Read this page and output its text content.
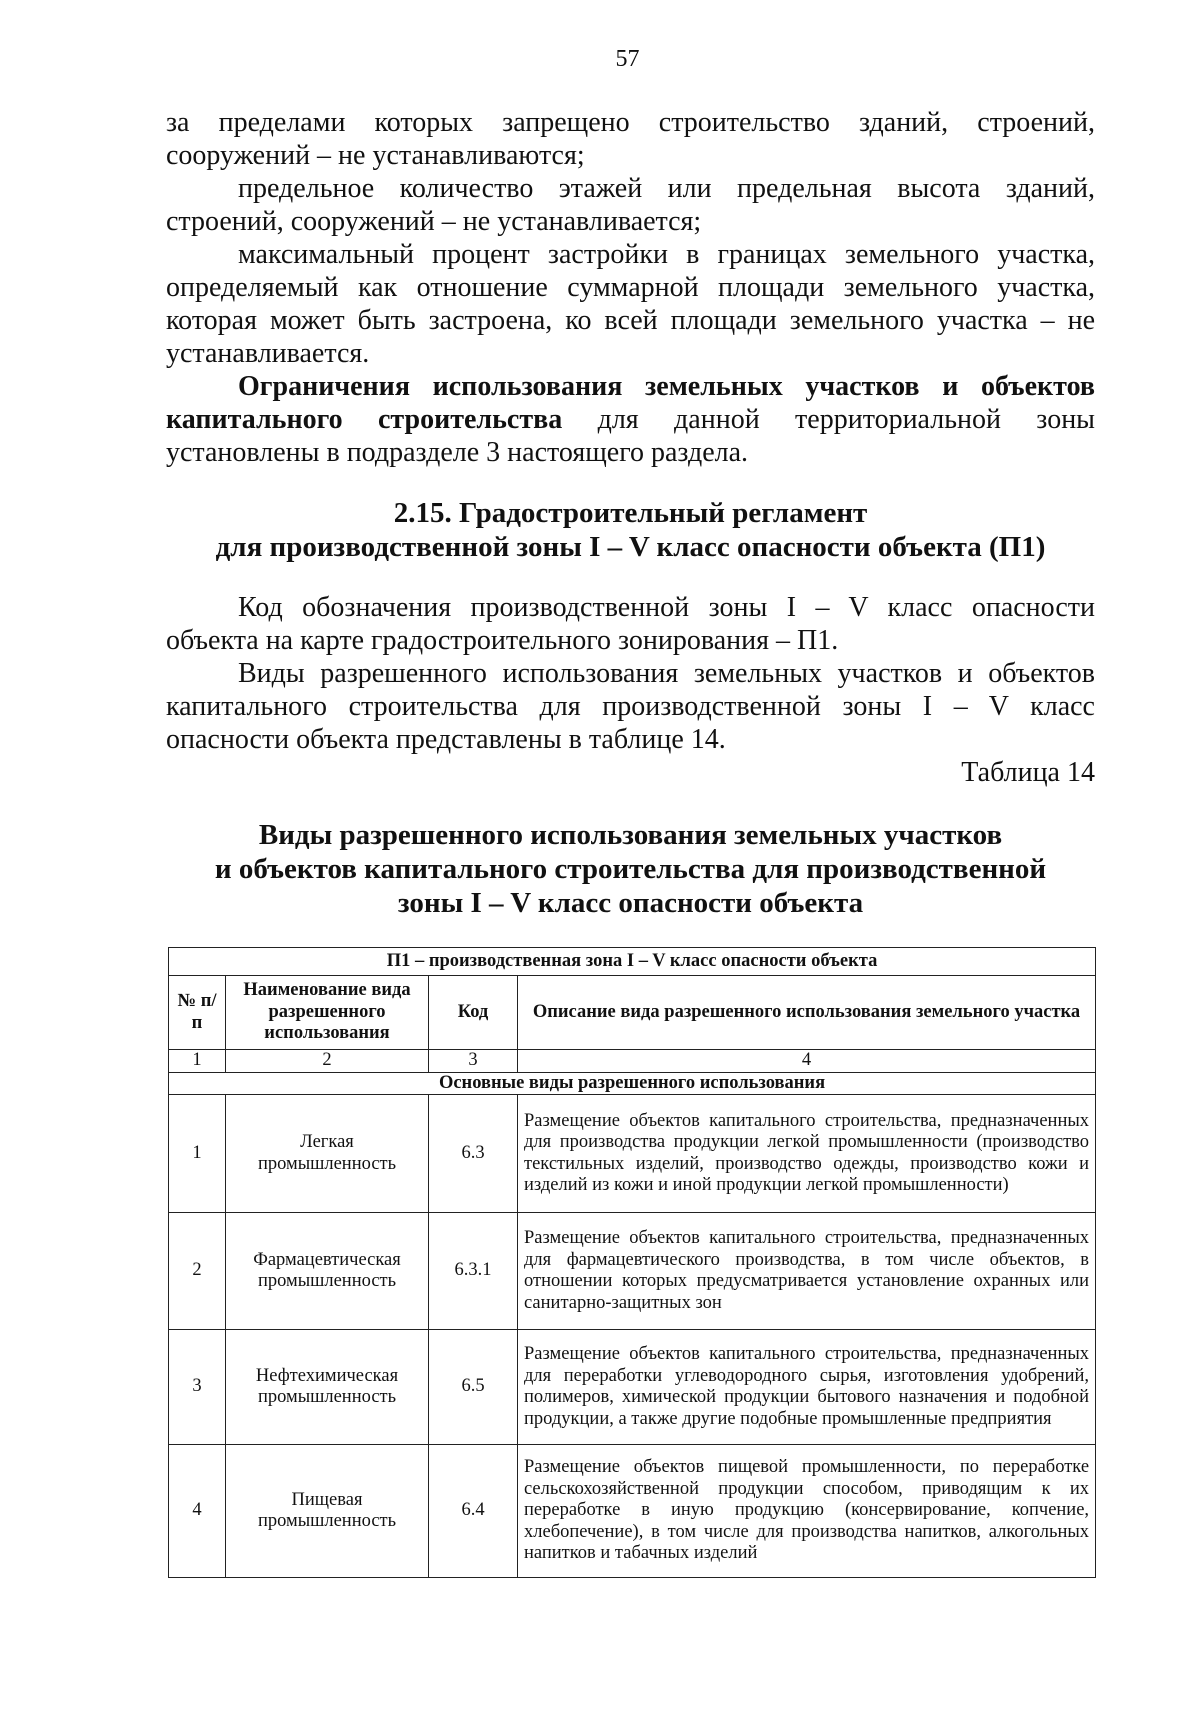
57

за пределами которых запрещено строительство зданий, строений, сооружений – не устанавливаются;

предельное количество этажей или предельная высота зданий, строений, сооружений – не устанавливается;

максимальный процент застройки в границах земельного участка, определяемый как отношение суммарной площади земельного участка, которая может быть застроена, ко всей площади земельного участка – не устанавливается.

Ограничения использования земельных участков и объектов капитального строительства для данной территориальной зоны установлены в подразделе 3 настоящего раздела.

2.15. Градостроительный регламент

для производственной зоны I – V класс опасности объекта (П1)

Код обозначения производственной зоны I – V класс опасности объекта на карте градостроительного зонирования – П1.

Виды разрешенного использования земельных участков и объектов капитального строительства для производственной зоны I – V класс опасности объекта представлены в таблице 14.

Таблица 14

Виды разрешенного использования земельных участков

и объектов капитального строительства для производственной

зоны I – V класс опасности объекта

П1 – производственная зона I – V класс опасности объекта			
№ п/п	Наименование вида разрешенного использования	Код	Описание вида разрешенного использования земельного участка
1	2	3	4
Основные виды разрешенного использования			
1	Легкая промышленность	6.3	Размещение объектов капитального строительства, предназначенных для производства продукции легкой промышленности (производство текстильных изделий, производство одежды, производство кожи и изделий из кожи и иной продукции легкой промышленности)
2	Фармацевтическая промышленность	6.3.1	Размещение объектов капитального строительства, предназначенных для фармацевтического производства, в том числе объектов, в отношении которых предусматривается установление охранных или санитарно-защитных зон
3	Нефтехимическая промышленность	6.5	Размещение объектов капитального строительства, предназначенных для переработки углеводородного сырья, изготовления удобрений, полимеров, химической продукции бытового назначения и подобной продукции, а также другие подобные промышленные предприятия
4	Пищевая промышленность	6.4	Размещение объектов пищевой промышленности, по переработке сельскохозяйственной продукции способом, приводящим к их переработке в иную продукцию (консервирование, копчение, хлебопечение), в том числе для производства напитков, алкогольных напитков и табачных изделий
